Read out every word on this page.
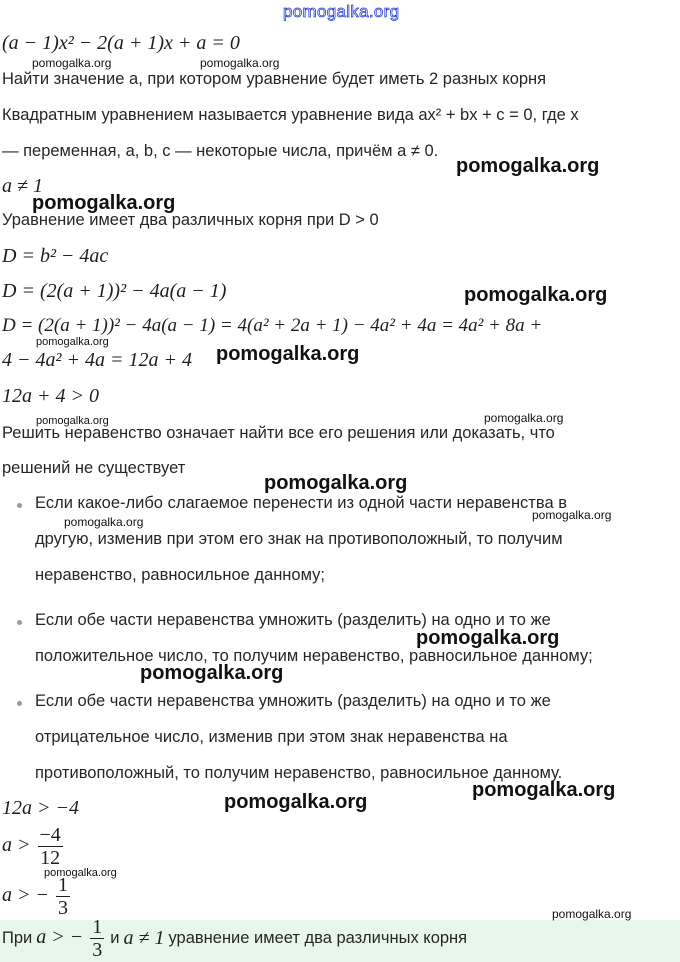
pomogalka.org
(a − 1)x² − 2(a + 1)x + a = 0
pomogalka.org	pomogalka.org
Найти значение a, при котором уравнение будет иметь 2 разных корня
Квадратным уравнением называется уравнение вида ax² + bx + c = 0, где x
— переменная, a, b, c — некоторые числа, причём a ≠ 0.
pomogalka.org
a ≠ 1
pomogalka.org
Уравнение имеет два различных корня при D > 0
D = b² − 4ac
D = (2(a + 1))² − 4a(a − 1)	pomogalka.org
D = (2(a + 1))² − 4a(a − 1) = 4(a² + 2a + 1) − 4a² + 4a = 4a² + 8a +
pomogalka.org
4 − 4a² + 4a = 12a + 4 pomogalka.org
12a + 4 > 0
pomogalka.org	pomogalka.org
Решить неравенство означает найти все его решения или доказать, что
решений не существует
pomogalka.org
Если какое-либо слагаемое перенести из одной части неравенства в
pomogalka.org	pomogalka.org
другую, изменив при этом его знак на противоположный, то получим
неравенство, равносильное данному;
Если обе части неравенства умножить (разделить) на одно и то же
pomogalka.org
положительное число, то получим неравенство, равносильное данному;
pomogalka.org
Если обе части неравенства умножить (разделить) на одно и то же
отрицательное число, изменив при этом знак неравенства на
противоположный, то получим неравенство, равносильное данному.
12a > −4	pomogalka.org
pomogalka.org
$a > \frac{-4}{12}$
pomogalka.org
a > − $\frac{1}{3}$	pomogalka.org
При a > − $\frac{1}{3}$ и a ≠ 1 уравнение имеет два различных корня
